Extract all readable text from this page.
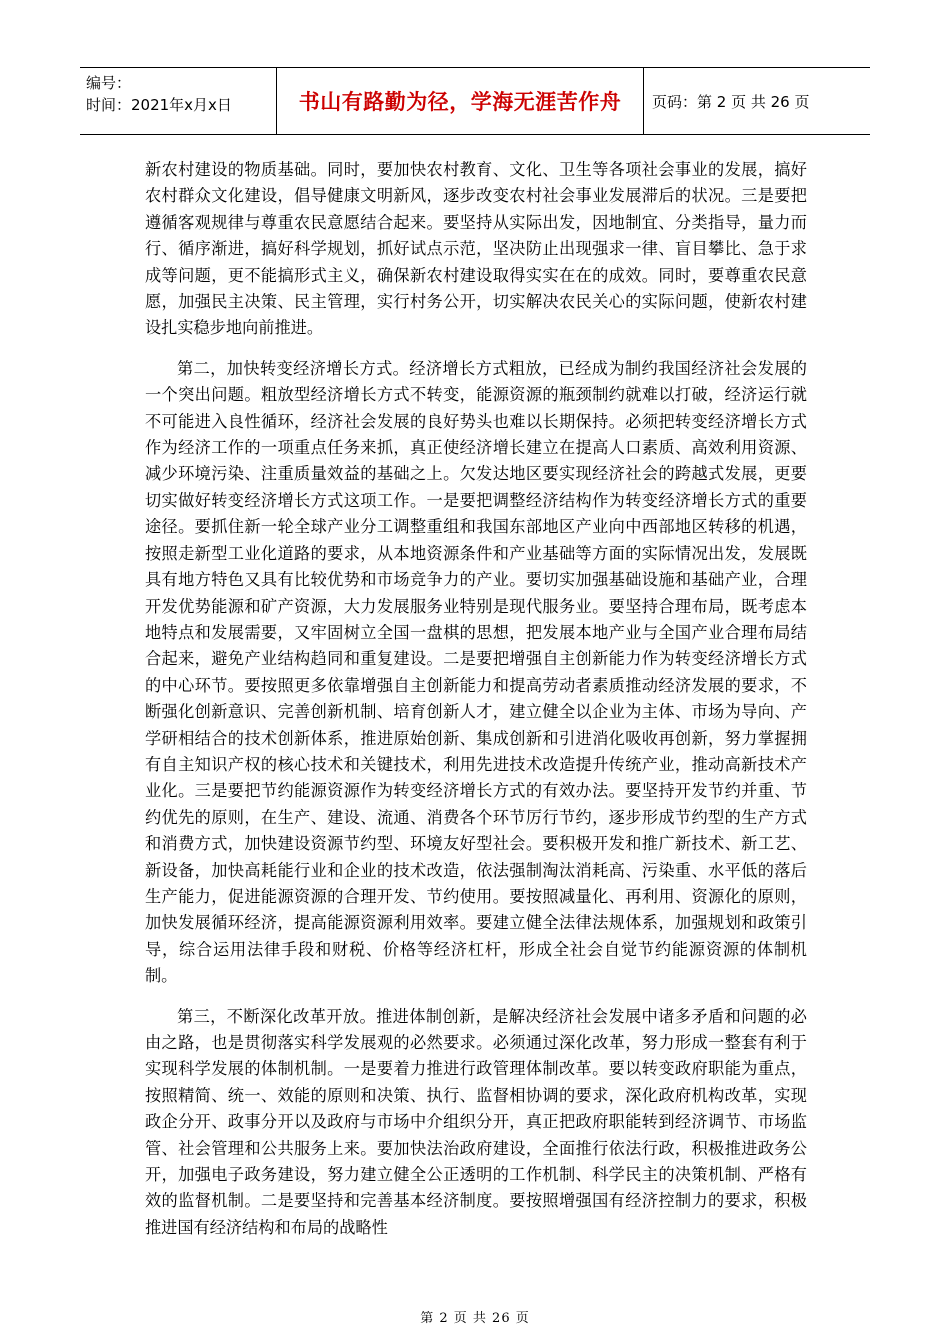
编号：
时间：2021年x月x日	书山有路勤为径，学海无涯苦作舟	页码：第 2 页 共 26 页

新农村建设的物质基础。同时，要加快农村教育、文化、卫生等各项社会事业的发展，搞好农村群众文化建设，倡导健康文明新风，逐步改变农村社会事业发展滞后的状况。三是要把遵循客观规律与尊重农民意愿结合起来。要坚持从实际出发，因地制宜、分类指导，量力而行、循序渐进，搞好科学规划，抓好试点示范，坚决防止出现强求一律、盲目攀比、急于求成等问题，更不能搞形式主义，确保新农村建设取得实实在在的成效。同时，要尊重农民意愿，加强民主决策、民主管理，实行村务公开，切实解决农民关心的实际问题，使新农村建设扎实稳步地向前推进。

第二，加快转变经济增长方式。经济增长方式粗放，已经成为制约我国经济社会发展的一个突出问题。粗放型经济增长方式不转变，能源资源的瓶颈制约就难以打破，经济运行就不可能进入良性循环，经济社会发展的良好势头也难以长期保持。必须把转变经济增长方式作为经济工作的一项重点任务来抓，真正使经济增长建立在提高人口素质、高效利用资源、减少环境污染、注重质量效益的基础之上。欠发达地区要实现经济社会的跨越式发展，更要切实做好转变经济增长方式这项工作。一是要把调整经济结构作为转变经济增长方式的重要途径。要抓住新一轮全球产业分工调整重组和我国东部地区产业向中西部地区转移的机遇，按照走新型工业化道路的要求，从本地资源条件和产业基础等方面的实际情况出发，发展既具有地方特色又具有比较优势和市场竞争力的产业。要切实加强基础设施和基础产业，合理开发优势能源和矿产资源，大力发展服务业特别是现代服务业。要坚持合理布局，既考虑本地特点和发展需要，又牢固树立全国一盘棋的思想，把发展本地产业与全国产业合理布局结合起来，避免产业结构趋同和重复建设。二是要把增强自主创新能力作为转变经济增长方式的中心环节。要按照更多依靠增强自主创新能力和提高劳动者素质推动经济发展的要求，不断强化创新意识、完善创新机制、培育创新人才，建立健全以企业为主体、市场为导向、产学研相结合的技术创新体系，推进原始创新、集成创新和引进消化吸收再创新，努力掌握拥有自主知识产权的核心技术和关键技术，利用先进技术改造提升传统产业，推动高新技术产业化。三是要把节约能源资源作为转变经济增长方式的有效办法。要坚持开发节约并重、节约优先的原则，在生产、建设、流通、消费各个环节厉行节约，逐步形成节约型的生产方式和消费方式，加快建设资源节约型、环境友好型社会。要积极开发和推广新技术、新工艺、新设备，加快高耗能行业和企业的技术改造，依法强制淘汰消耗高、污染重、水平低的落后生产能力，促进能源资源的合理开发、节约使用。要按照减量化、再利用、资源化的原则，加快发展循环经济，提高能源资源利用效率。要建立健全法律法规体系，加强规划和政策引导，综合运用法律手段和财税、价格等经济杠杆，形成全社会自觉节约能源资源的体制机制。

第三，不断深化改革开放。推进体制创新，是解决经济社会发展中诸多矛盾和问题的必由之路，也是贯彻落实科学发展观的必然要求。必须通过深化改革，努力形成一整套有利于实现科学发展的体制机制。一是要着力推进行政管理体制改革。要以转变政府职能为重点，按照精简、统一、效能的原则和决策、执行、监督相协调的要求，深化政府机构改革，实现政企分开、政事分开以及政府与市场中介组织分开，真正把政府职能转到经济调节、市场监管、社会管理和公共服务上来。要加快法治政府建设，全面推行依法行政，积极推进政务公开，加强电子政务建设，努力建立健全公正透明的工作机制、科学民主的决策机制、严格有效的监督机制。二是要坚持和完善基本经济制度。要按照增强国有经济控制力的要求，积极推进国有经济结构和布局的战略性

第 2 页 共 26 页
